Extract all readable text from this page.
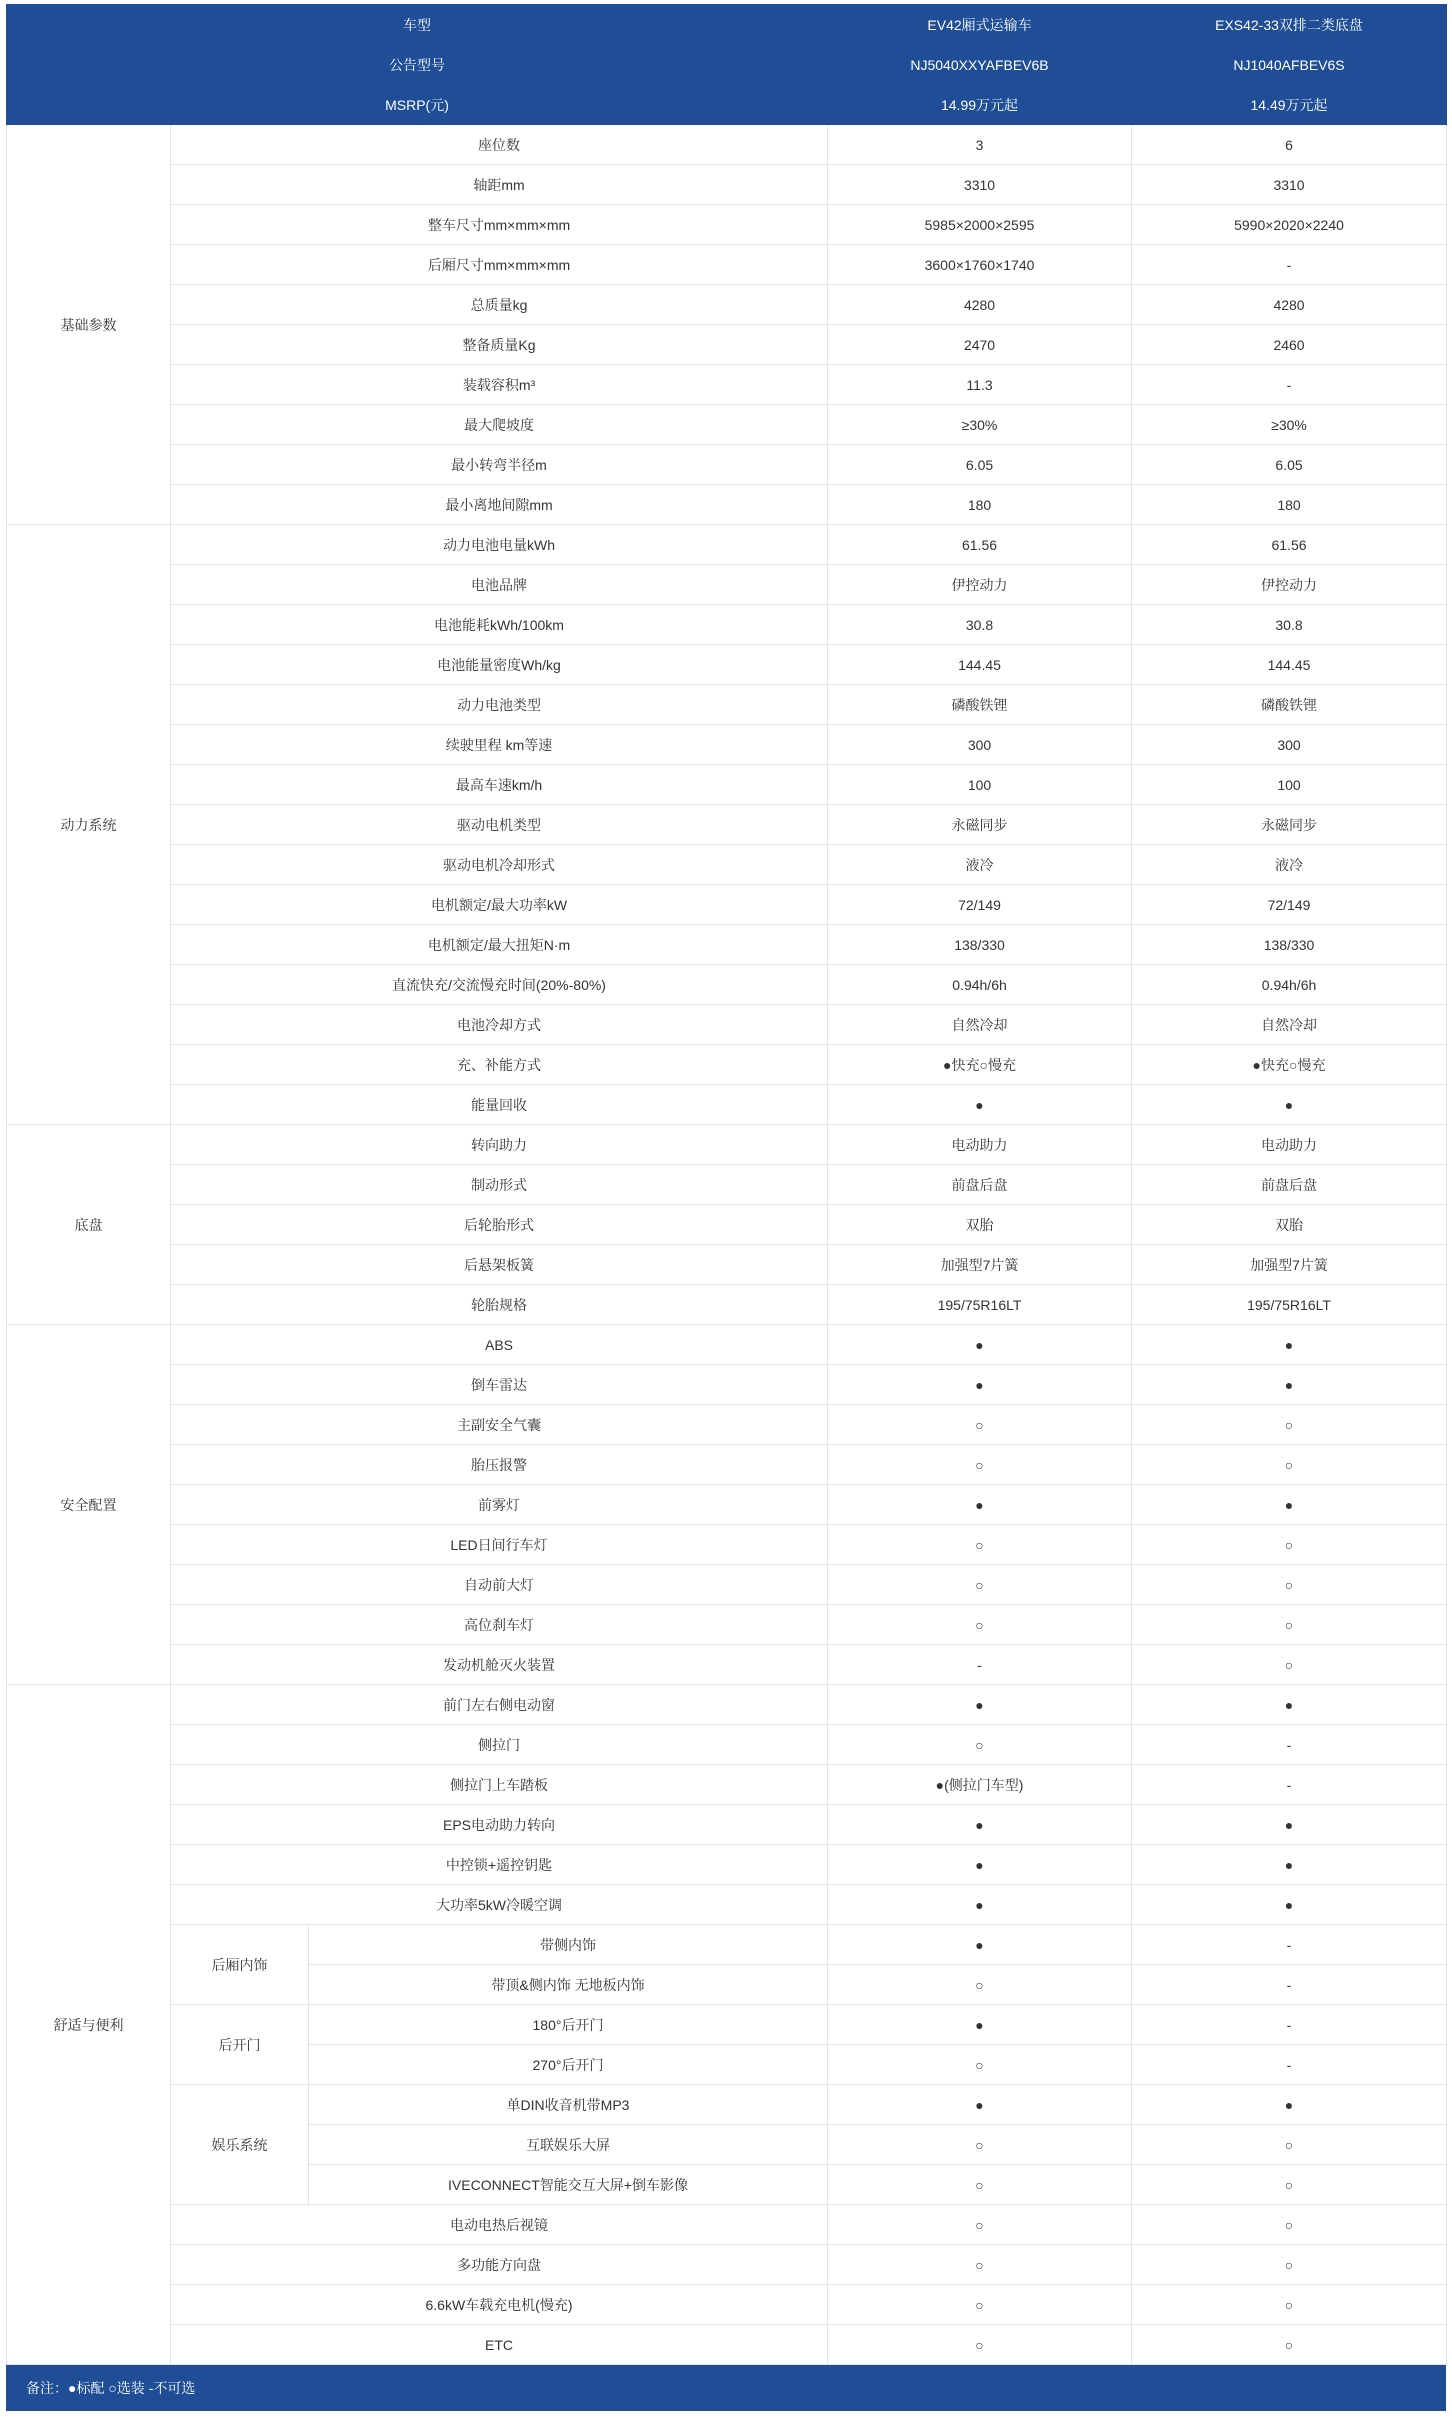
车型			EV42厢式运输车	EXS42-33双排二类底盘
公告型号			NJ5040XXYAFBEV6B	NJ1040AFBEV6S
MSRP(元)			14.99万元起	14.49万元起
基础参数	座位数		3	6
	轴距mm		3310	3310
	整车尺寸mm×mm×mm		5985×2000×2595	5990×2020×2240
	后厢尺寸mm×mm×mm		3600×1760×1740	-
	总质量kg		4280	4280
	整备质量Kg		2470	2460
	装载容积m³		11.3	-
	最大爬坡度		≥30%	≥30%
	最小转弯半径m		6.05	6.05
	最小离地间隙mm		180	180
动力系统	动力电池电量kWh		61.56	61.56
	电池品牌		伊控动力	伊控动力
	电池能耗kWh/100km		30.8	30.8
	电池能量密度Wh/kg		144.45	144.45
	动力电池类型		磷酸铁锂	磷酸铁锂
	续驶里程 km等速		300	300
	最高车速km/h		100	100
	驱动电机类型		永磁同步	永磁同步
	驱动电机冷却形式		液冷	液冷
	电机额定/最大功率kW		72/149	72/149
	电机额定/最大扭矩N·m		138/330	138/330
	直流快充/交流慢充时间(20%-80%)		0.94h/6h	0.94h/6h
	电池冷却方式		自然冷却	自然冷却
	充、补能方式		●快充○慢充	●快充○慢充
	能量回收		●	●
底盘	转向助力		电动助力	电动助力
	制动形式		前盘后盘	前盘后盘
	后轮胎形式		双胎	双胎
	后悬架板簧		加强型7片簧	加强型7片簧
	轮胎规格		195/75R16LT	195/75R16LT
安全配置	ABS		●	●
	倒车雷达		●	●
	主副安全气囊		○	○
	胎压报警		○	○
	前雾灯		●	●
	LED日间行车灯		○	○
	自动前大灯		○	○
	高位刹车灯		○	○
	发动机舱灭火装置		-	○
舒适与便利	前门左右侧电动窗		●	●
	侧拉门		○	-
	侧拉门上车踏板		●(侧拉门车型)	-
	EPS电动助力转向		●	●
	中控锁+遥控钥匙		●	●
	大功率5kW冷暖空调		●	●
	后厢内饰	带侧内饰	●	-
		带顶&侧内饰 无地板内饰	○	-
	后开门	180°后开门	●	-
		270°后开门	○	-
	娱乐系统	单DIN收音机带MP3	●	●
		互联娱乐大屏	○	○
		IVECONNECT智能交互大屏+倒车影像	○	○
	电动电热后视镜		○	○
	多功能方向盘		○	○
	6.6kW车载充电机(慢充)		○	○
	ETC		○	○
备注：●标配 ○选装 -不可选
